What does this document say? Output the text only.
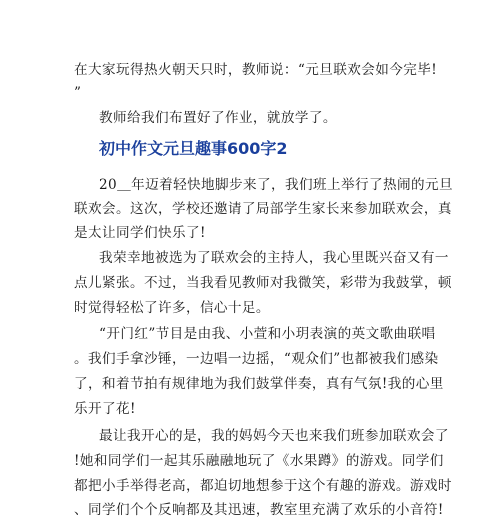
在大家玩得热火朝天只时，教师说：“元旦联欢会如今完毕!
”
教师给我们布置好了作业，就放学了。
初中作文元旦趣事600字2
20＿年迈着轻快地脚步来了，我们班上举行了热闹的元旦
联欢会。这次，学校还邀请了局部学生家长来参加联欢会，真
是太让同学们快乐了!
我荣幸地被选为了联欢会的主持人，我心里既兴奋又有一
点儿紧张。不过，当我看见教师对我微笑，彩带为我鼓掌，顿
时觉得轻松了许多，信心十足。
“开门红”节目是由我、小萱和小玥表演的英文歌曲联唱
。我们手拿沙锤，一边唱一边摇，“观众们”也都被我们感染
了，和着节拍有规律地为我们鼓掌伴奏，真有气氛!我的心里
乐开了花!
最让我开心的是，我的妈妈今天也来我们班参加联欢会了
!她和同学们一起其乐融融地玩了《水果蹲》的游戏。同学们
都把小手举得老高，都迫切地想参于这个有趣的游戏。游戏时
、同学们个个反响都及其迅速，教室里充满了欢乐的小音符!
